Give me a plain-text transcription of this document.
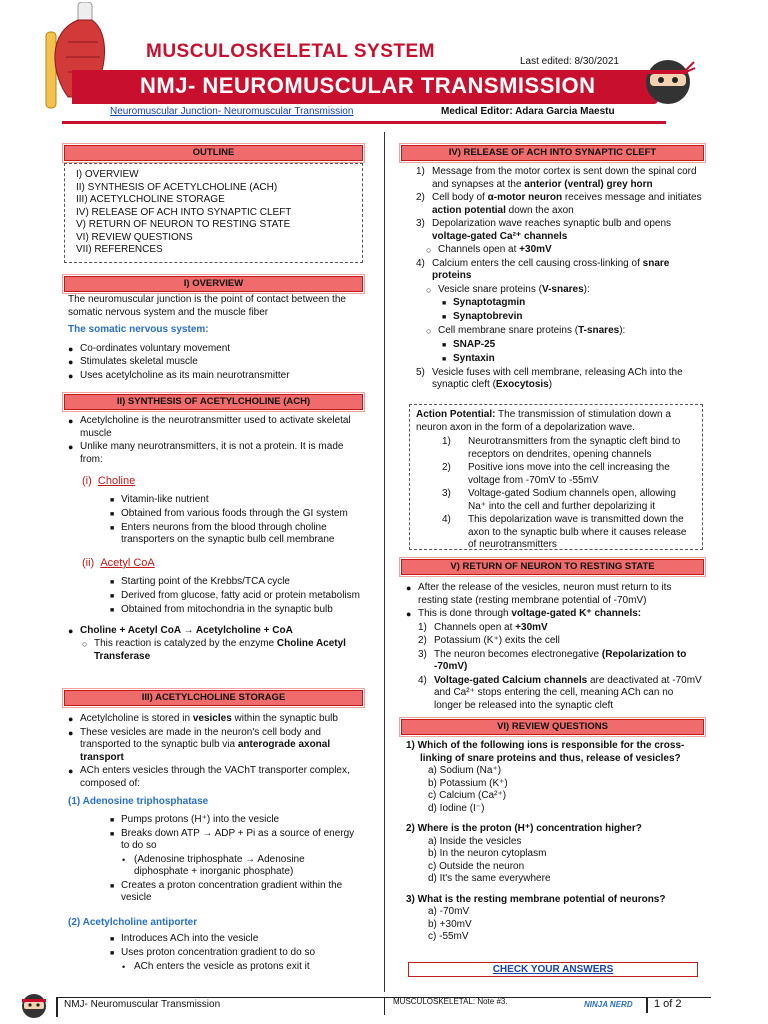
MUSCULOSKELETAL SYSTEM	Last edited: 8/30/2021
NMJ- NEUROMUSCULAR TRANSMISSION
Neuromuscular Junction- Neuromuscular Transmission	Medical Editor: Adara Garcia Maestu
OUTLINE
I) OVERVIEW
II) SYNTHESIS OF ACETYLCHOLINE (ACH)
III) ACETYLCHOLINE STORAGE
IV) RELEASE OF ACH INTO SYNAPTIC CLEFT
V) RETURN OF NEURON TO RESTING STATE
VI) REVIEW QUESTIONS
VII) REFERENCES
I) OVERVIEW
The neuromuscular junction is the point of contact between the somatic nervous system and the muscle fiber
The somatic nervous system:
● Co-ordinates voluntary movement
● Stimulates skeletal muscle
● Uses acetylcholine as its main neurotransmitter
II) SYNTHESIS OF ACETYLCHOLINE (ACH)
● Acetylcholine is the neurotransmitter used to activate skeletal muscle
● Unlike many neurotransmitters, it is not a protein. It is made from:
(i) Choline
■ Vitamin-like nutrient
■ Obtained from various foods through the GI system
■ Enters neurons from the blood through choline transporters on the synaptic bulb cell membrane
(ii) Acetyl CoA
■ Starting point of the Krebbs/TCA cycle
■ Derived from glucose, fatty acid or protein metabolism
■ Obtained from mitochondria in the synaptic bulb
● Choline + Acetyl CoA → Acetylcholine + CoA
○ This reaction is catalyzed by the enzyme Choline Acetyl Transferase
III) ACETYLCHOLINE STORAGE
● Acetylcholine is stored in vesicles within the synaptic bulb
● These vesicles are made in the neuron's cell body and transported to the synaptic bulb via anterograde axonal transport
● ACh enters vesicles through the VAChT transporter complex, composed of:
(1) Adenosine triphosphatase
■ Pumps protons (H⁺) into the vesicle
■ Breaks down ATP → ADP + Pi as a source of energy to do so
• (Adenosine triphosphate → Adenosine diphosphate + inorganic phosphate)
■ Creates a proton concentration gradient within the vesicle
(2) Acetylcholine antiporter
■ Introduces ACh into the vesicle
■ Uses proton concentration gradient to do so
• ACh enters the vesicle as protons exit it
IV) RELEASE OF ACH INTO SYNAPTIC CLEFT
1) Message from the motor cortex is sent down the spinal cord and synapses at the anterior (ventral) grey horn
2) Cell body of α-motor neuron receives message and initiates action potential down the axon
3) Depolarization wave reaches synaptic bulb and opens voltage-gated Ca²⁺ channels
○ Channels open at +30mV
4) Calcium enters the cell causing cross-linking of snare proteins
○ Vesicle snare proteins (V-snares):
■ Synaptotagmin
■ Synaptobrevin
○ Cell membrane snare proteins (T-snares):
■ SNAP-25
■ Syntaxin
5) Vesicle fuses with cell membrane, releasing ACh into the synaptic cleft (Exocytosis)
Action Potential: The transmission of stimulation down a neuron axon in the form of a depolarization wave.
1)	Neurotransmitters from the synaptic cleft bind to receptors on dendrites, opening channels
2)	Positive ions move into the cell increasing the voltage from -70mV to -55mV
3)	Voltage-gated Sodium channels open, allowing Na⁺ into the cell and further depolarizing it
4)	This depolarization wave is transmitted down the axon to the synaptic bulb where it causes release of neurotransmitters
V) RETURN OF NEURON TO RESTING STATE
● After the release of the vesicles, neuron must return to its resting state (resting membrane potential of -70mV)
● This is done through voltage-gated K⁺ channels:
1) Channels open at +30mV
2) Potassium (K⁺) exits the cell
3) The neuron becomes electronegative (Repolarization to -70mV)
4) Voltage-gated Calcium channels are deactivated at -70mV and Ca²⁺ stops entering the cell, meaning ACh can no longer be released into the synaptic cleft
VI) REVIEW QUESTIONS
1) Which of the following ions is responsible for the cross-linking of snare proteins and thus, release of vesicles?
a) Sodium (Na⁺)
b) Potassium (K⁺)
c) Calcium (Ca²⁺)
d) Iodine (I⁻)
2) Where is the proton (H⁺) concentration higher?
a) Inside the vesicles
b) In the neuron cytoplasm
c) Outside the neuron
d) It's the same everywhere
3) What is the resting membrane potential of neurons?
a) -70mV
b) +30mV
c) -55mV
CHECK YOUR ANSWERS
NMJ- Neuromuscular Transmission	MUSCULOSKELETAL: Note #3.	NINJA NERD 1 of 2
